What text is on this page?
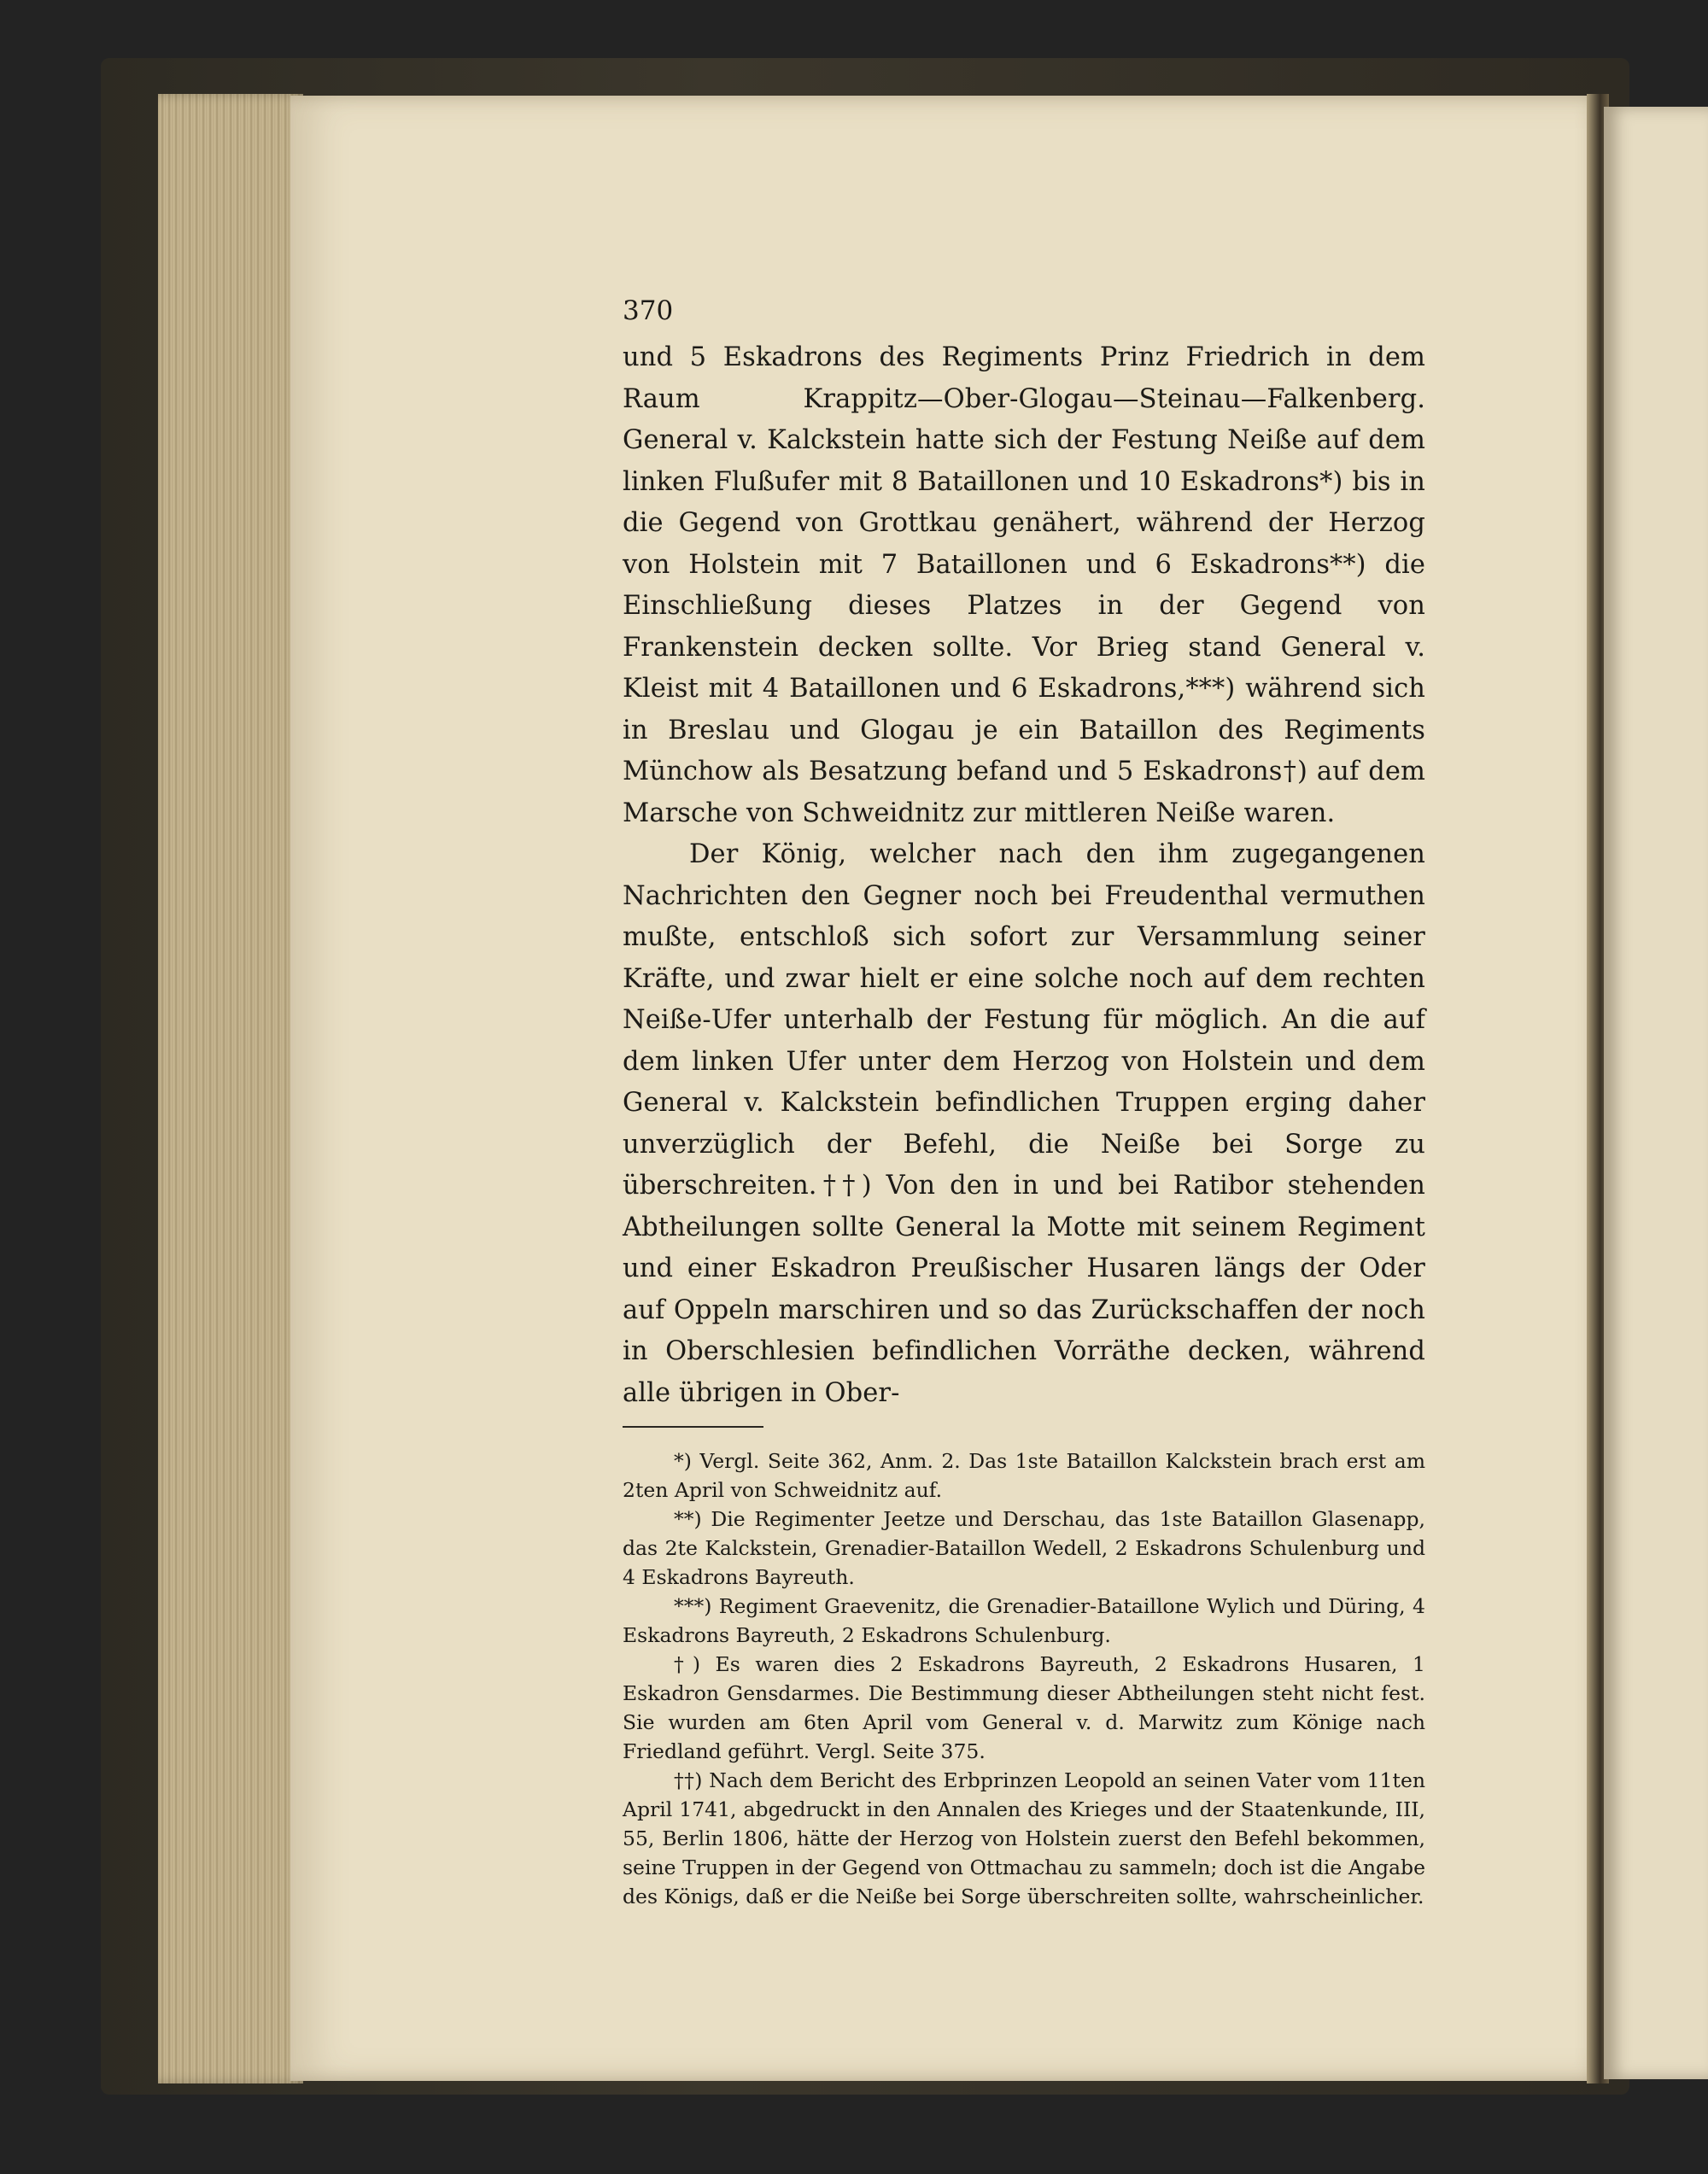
370

und 5 Eskadrons des Regiments Prinz Friedrich in dem Raum Krappitz—Ober-Glogau—Steinau—Falkenberg. General v. Kalckstein hatte sich der Festung Neiße auf dem linken Flußufer mit 8 Bataillonen und 10 Eskadrons*) bis in die Gegend von Grottkau genähert, während der Herzog von Holstein mit 7 Bataillonen und 6 Eskadrons**) die Einschließung dieses Platzes in der Gegend von Frankenstein decken sollte. Vor Brieg stand General v. Kleist mit 4 Bataillonen und 6 Eskadrons,***) während sich in Breslau und Glogau je ein Bataillon des Regiments Münchow als Besatzung befand und 5 Eskadrons†) auf dem Marsche von Schweidnitz zur mittleren Neiße waren.

Der König, welcher nach den ihm zugegangenen Nachrichten den Gegner noch bei Freudenthal vermuthen mußte, entschloß sich sofort zur Versammlung seiner Kräfte, und zwar hielt er eine solche noch auf dem rechten Neiße-Ufer unterhalb der Festung für möglich. An die auf dem linken Ufer unter dem Herzog von Holstein und dem General v. Kalckstein befindlichen Truppen erging daher unverzüglich der Befehl, die Neiße bei Sorge zu überschreiten.††) Von den in und bei Ratibor stehenden Abtheilungen sollte General la Motte mit seinem Regiment und einer Eskadron Preußischer Husaren längs der Oder auf Oppeln marschiren und so das Zurückschaffen der noch in Oberschlesien befindlichen Vorräthe decken, während alle übrigen in Ober-

*) Vergl. Seite 362, Anm. 2. Das 1ste Bataillon Kalckstein brach erst am 2ten April von Schweidnitz auf.

**) Die Regimenter Jeetze und Derschau, das 1ste Bataillon Glasenapp, das 2te Kalckstein, Grenadier-Bataillon Wedell, 2 Eskadrons Schulenburg und 4 Eskadrons Bayreuth.

***) Regiment Graevenitz, die Grenadier-Bataillone Wylich und Düring, 4 Eskadrons Bayreuth, 2 Eskadrons Schulenburg.

†) Es waren dies 2 Eskadrons Bayreuth, 2 Eskadrons Husaren, 1 Eskadron Gensdarmes. Die Bestimmung dieser Abtheilungen steht nicht fest. Sie wurden am 6ten April vom General v. d. Marwitz zum Könige nach Friedland geführt. Vergl. Seite 375.

††) Nach dem Bericht des Erbprinzen Leopold an seinen Vater vom 11ten April 1741, abgedruckt in den Annalen des Krieges und der Staatenkunde, III, 55, Berlin 1806, hätte der Herzog von Holstein zuerst den Befehl bekommen, seine Truppen in der Gegend von Ottmachau zu sammeln; doch ist die Angabe des Königs, daß er die Neiße bei Sorge überschreiten sollte, wahrscheinlicher.
